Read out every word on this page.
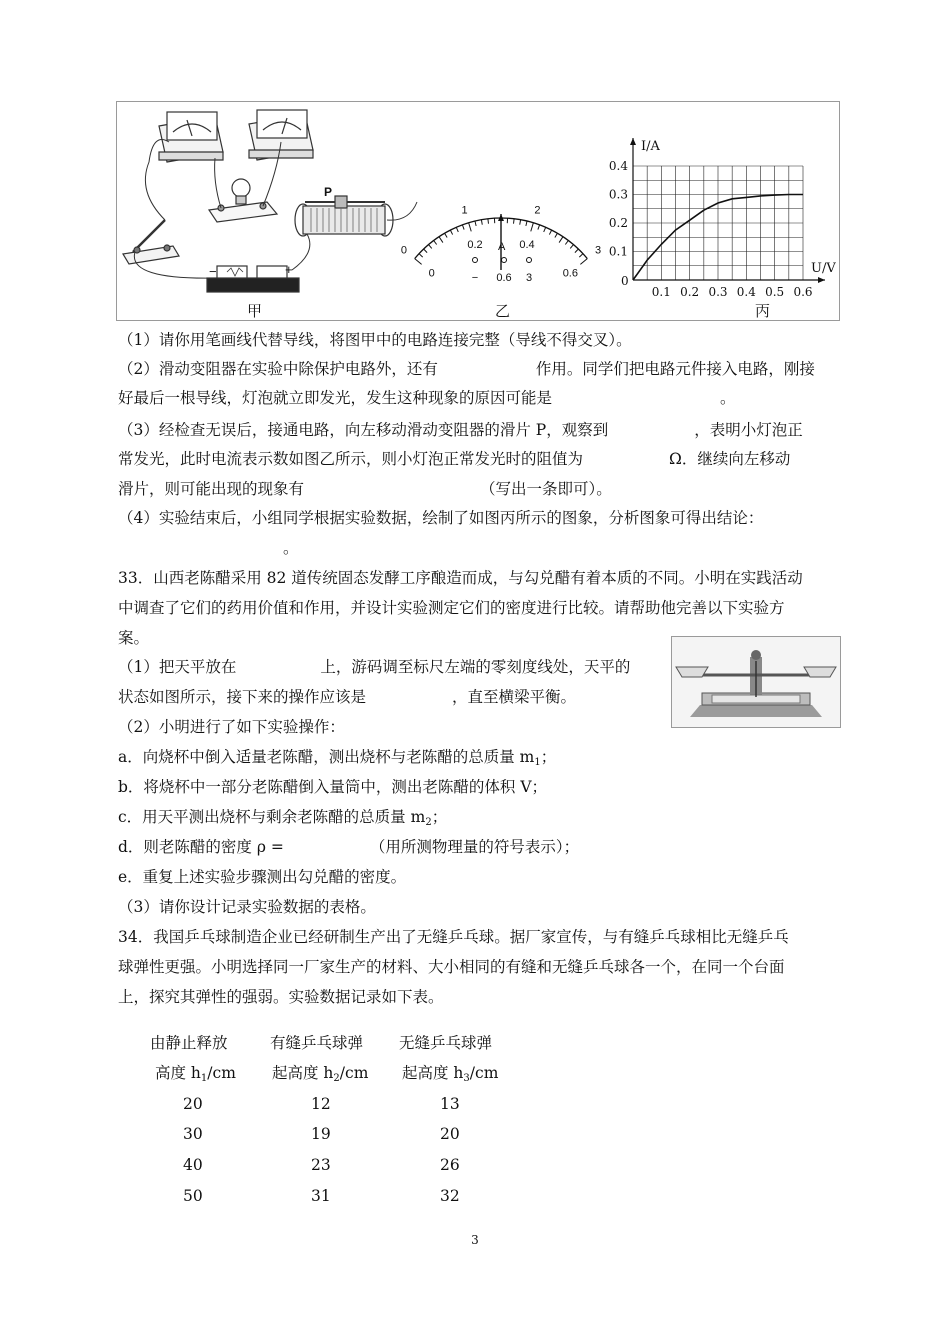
P
−	+
甲
0
1	2
3
0
0.2	0.4
0.6
A
− 0.6 3
乙
0.1 0.2 0.3 0.4 0.5 0.6
0.1
0.2
0.3
0.4
0
I/A
U/V
丙
（1）请你用笔画线代替导线，将图甲中的电路连接完整（导线不得交叉）。
（2）滑动变阻器在实验中除保护电路外，还有	作用。同学们把电路元件接入电路，刚接
好最后一根导线，灯泡就立即发光，发生这种现象的原因可能是	。
（3）经检查无误后，接通电路，向左移动滑动变阻器的滑片 P，观察到	，表明小灯泡正
常发光，此时电流表示数如图乙所示，则小灯泡正常发光时的阻值为	Ω．继续向左移动
滑片，则可能出现的现象有	（写出一条即可）。
（4）实验结束后，小组同学根据实验数据，绘制了如图丙所示的图象，分析图象可得出结论：
。
33．山西老陈醋采用 82 道传统固态发酵工序酿造而成，与勾兑醋有着本质的不同。小明在实践活动
中调查了它们的药用价值和作用，并设计实验测定它们的密度进行比较。请帮助他完善以下实验方
案。
（1）把天平放在	上，游码调至标尺左端的零刻度线处，天平的
状态如图所示，接下来的操作应该是	，直至横梁平衡。
（2）小明进行了如下实验操作：
a．向烧杯中倒入适量老陈醋，测出烧杯与老陈醋的总质量 $m_1$；
b．将烧杯中一部分老陈醋倒入量筒中，测出老陈醋的体积 V；
c．用天平测出烧杯与剩余老陈醋的总质量 $m_2$；
d．则老陈醋的密度 ρ =	（用所测物理量的符号表示）；
e．重复上述实验步骤测出勾兑醋的密度。
（3）请你设计记录实验数据的表格。
34．我国乒乓球制造企业已经研制生产出了无缝乒乓球。据厂家宣传，与有缝乒乓球相比无缝乒乓
球弹性更强。小明选择同一厂家生产的材料、大小相同的有缝和无缝乒乓球各一个，在同一个台面
上，探究其弹性的强弱。实验数据记录如下表。
由静止释放
高度 $h_1/cm$
有缝乒乓球弹
起高度 $h_2/cm$
无缝乒乓球弹
起高度 $h_3/cm$
20	12	13
30	19	20
40	23	26
50	31	32
3
